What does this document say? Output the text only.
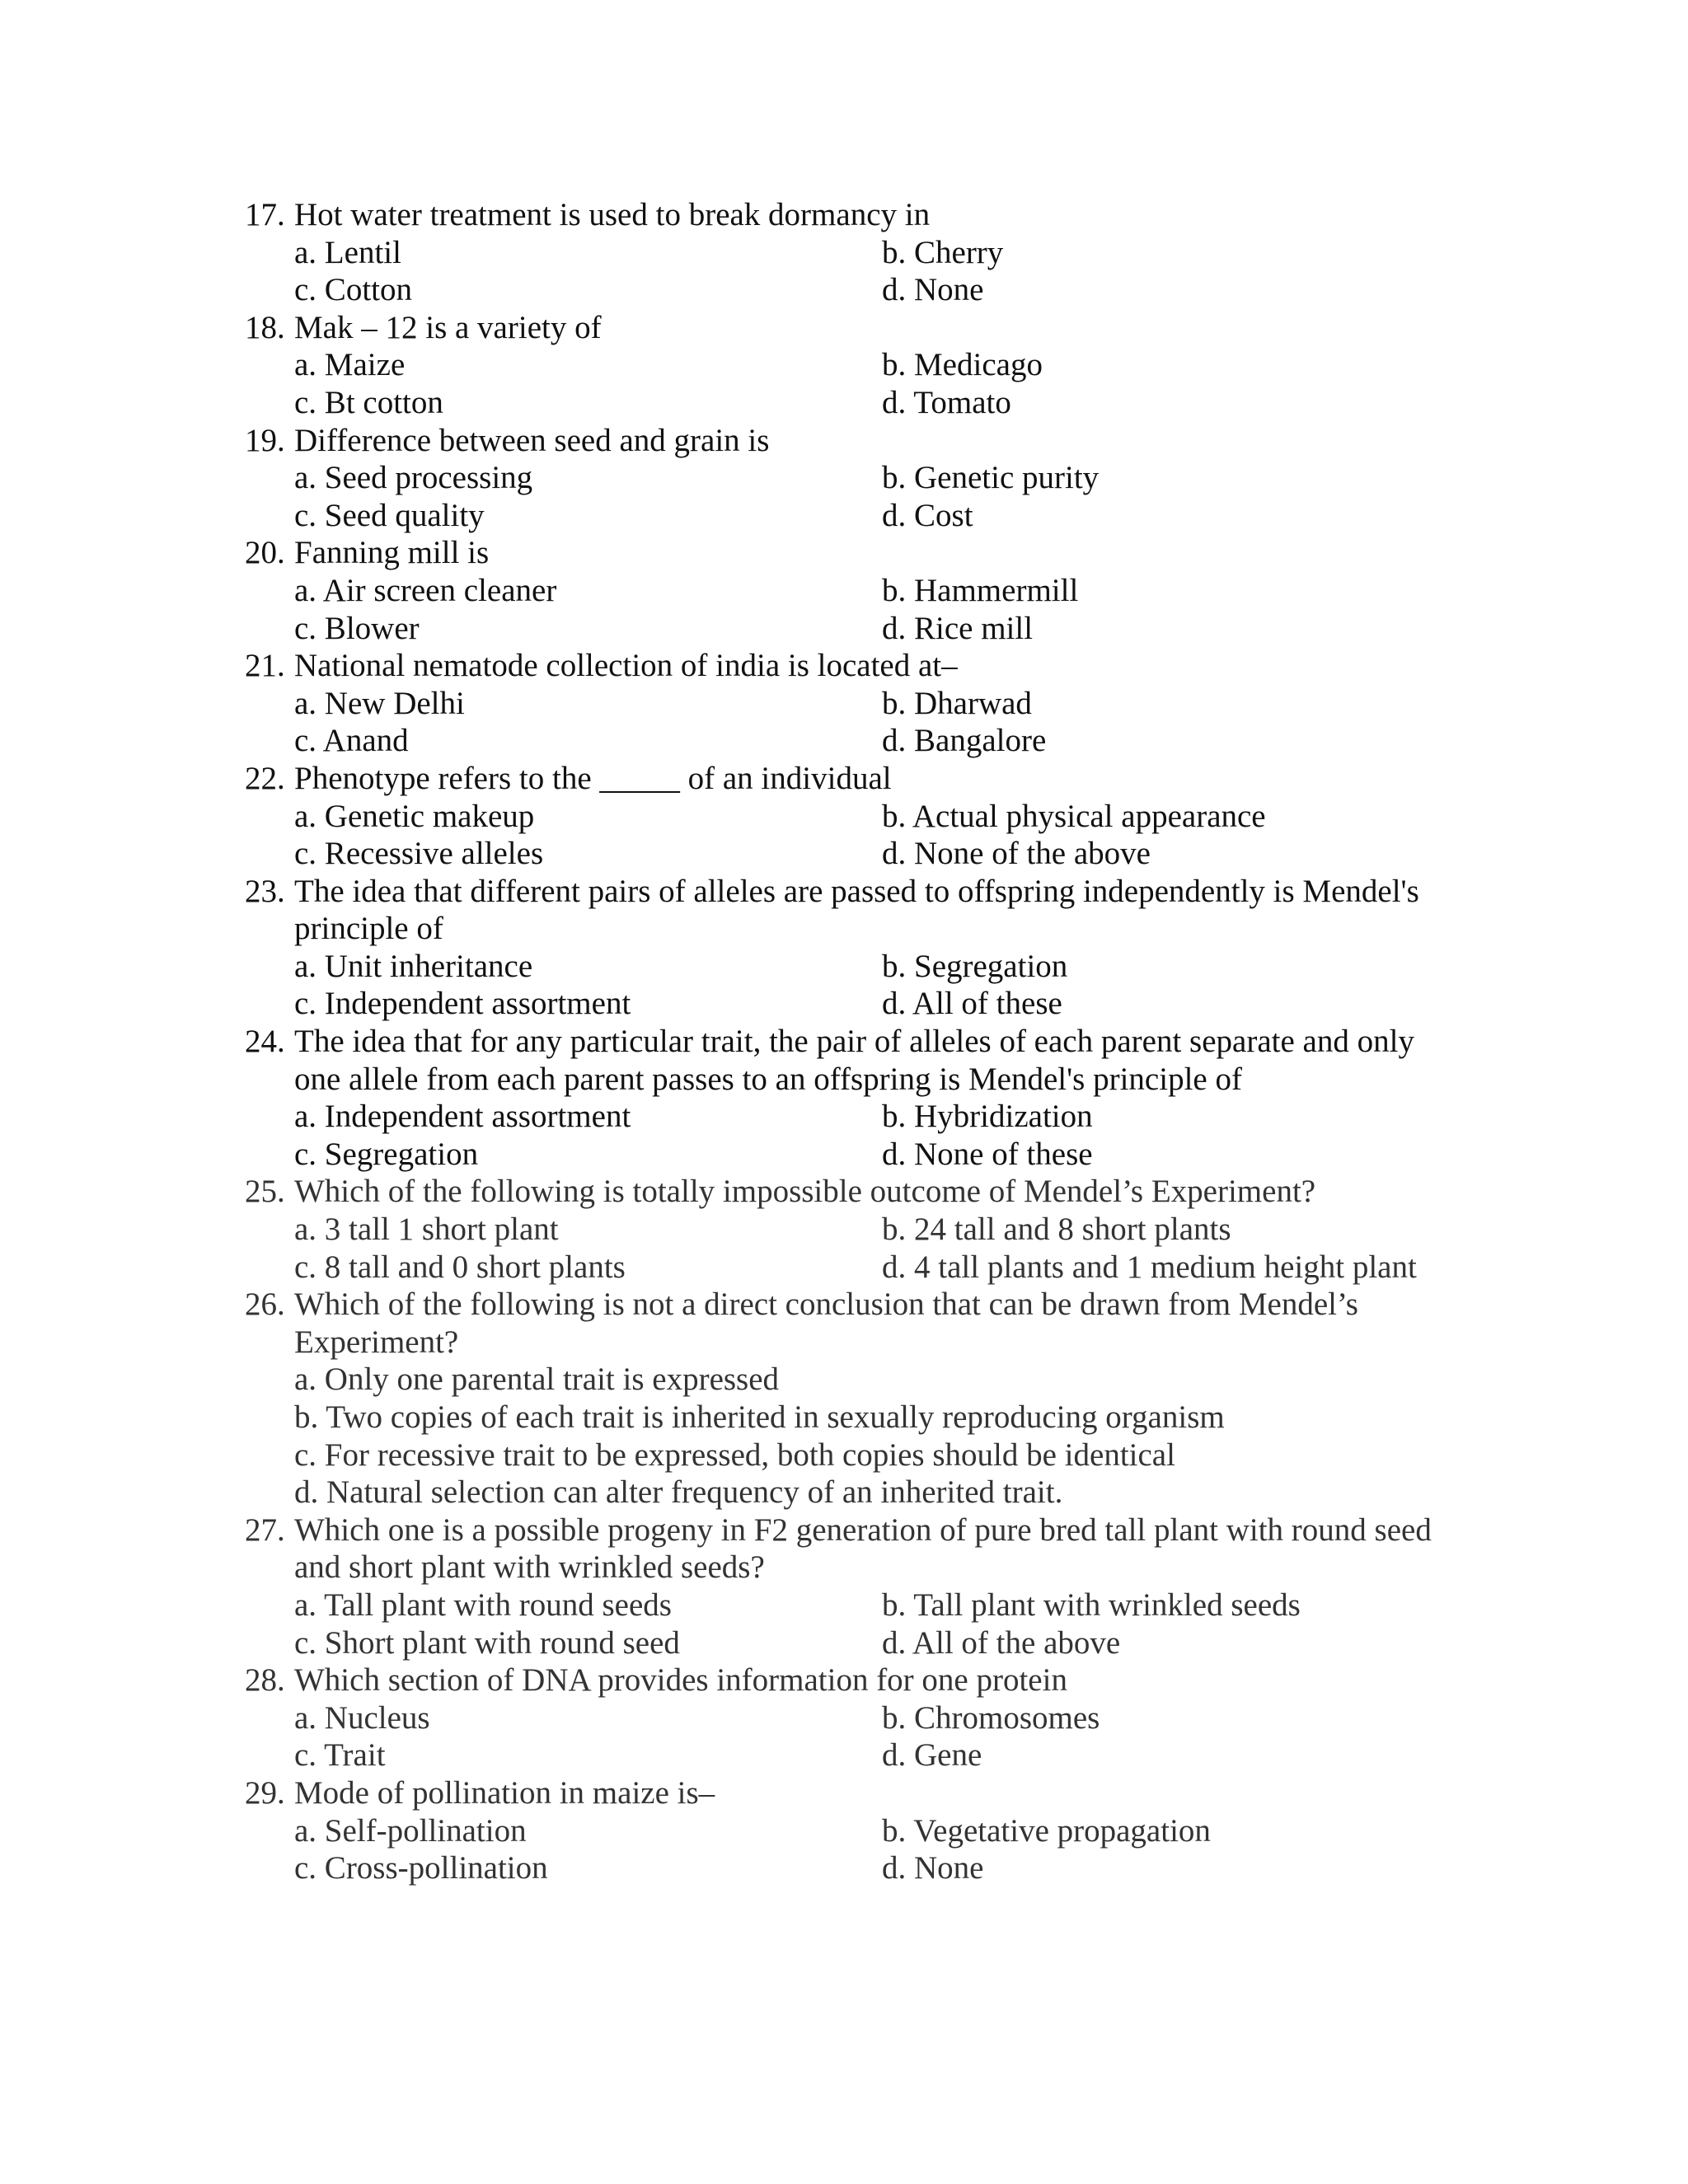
17. Hot water treatment is used to break dormancy in
a. Lentil	b. Cherry
c. Cotton	d. None
18. Mak – 12 is a variety of
a. Maize	b. Medicago
c. Bt cotton	d. Tomato
19. Difference between seed and grain is
a. Seed processing	b. Genetic purity
c. Seed quality	d. Cost
20. Fanning mill is
a. Air screen cleaner	b. Hammermill
c. Blower	d. Rice mill
21. National nematode collection of india is located at–
a. New Delhi	b. Dharwad
c. Anand	d. Bangalore
22. Phenotype refers to the _____ of an individual
a. Genetic makeup	b. Actual physical appearance
c. Recessive alleles	d. None of the above
23. The idea that different pairs of alleles are passed to offspring independently is Mendel's
principle of
a. Unit inheritance	b. Segregation
c. Independent assortment	d. All of these
24. The idea that for any particular trait, the pair of alleles of each parent separate and only
one allele from each parent passes to an offspring is Mendel's principle of
a. Independent assortment	b. Hybridization
c. Segregation	d. None of these
25. Which of the following is totally impossible outcome of Mendel’s Experiment?
a. 3 tall 1 short plant	b. 24 tall and 8 short plants
c. 8 tall and 0 short plants	d. 4 tall plants and 1 medium height plant
26. Which of the following is not a direct conclusion that can be drawn from Mendel’s
Experiment?
a. Only one parental trait is expressed
b. Two copies of each trait is inherited in sexually reproducing organism
c. For recessive trait to be expressed, both copies should be identical
d. Natural selection can alter frequency of an inherited trait.
27. Which one is a possible progeny in F2 generation of pure bred tall plant with round seed
and short plant with wrinkled seeds?
a. Tall plant with round seeds	b. Tall plant with wrinkled seeds
c. Short plant with round seed	d. All of the above
28. Which section of DNA provides information for one protein
a. Nucleus	b. Chromosomes
c. Trait	d. Gene
29. Mode of pollination in maize is–
a. Self-pollination	b. Vegetative propagation
c. Cross-pollination	d. None
